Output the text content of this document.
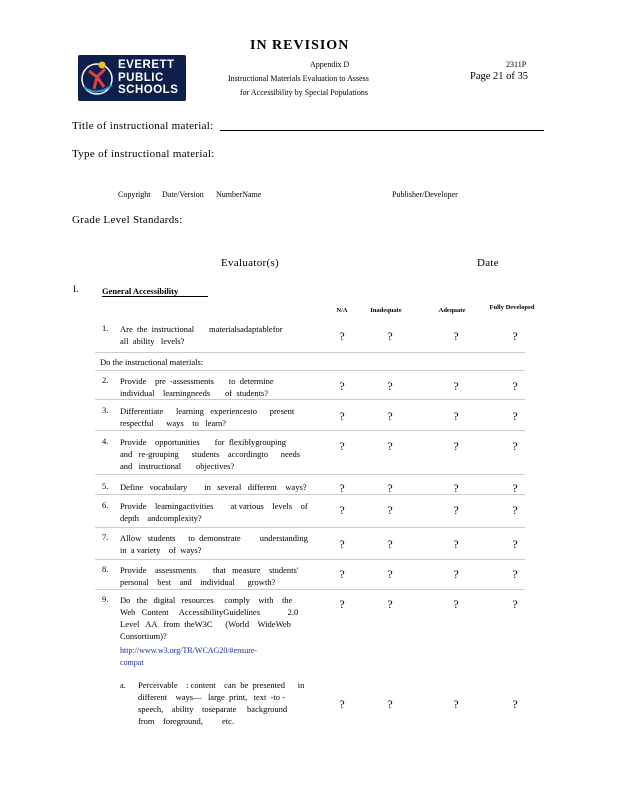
IN REVISION
EVERETT
PUBLIC
SCHOOLS
Appendix D	2311P
Instructional Materials Evaluation to Assess	Page 21 of 35
for Accessibility by Special Populations
Title of instructional material:
Type of instructional material:
Copyright Date/Version NumberName	Publisher/Developer
Grade Level Standards:
Evaluator(s)	Date
I.	General Accessibility
N/A	Inadequate	Adequate	Fully Developed
Do the instructional materials:
1. Are  the  instructional       materialsadaptablefor
all  ability   levels?	?	?	?	?
2. Provide    pre  -assessments       to  determine
individual    learningneeds       of  students?	?	?	?	?
3. Differentiate      learning   experiencesto      present
respectful      ways    to   learn?	?	?	?	?
4. Provide    opportunities       for  flexiblygrouping
and   re-grouping      students    accordingto      needs
and   instructional       objectives?
?	?	?	?
5. Define   vocabulary        in   several   different    ways?	?	?	?	?
6. Provide    learningactivities        at various    levels    of
depth    andcomplexity?
?	?	?	?
7. Allow   students      to  demonstrate         understanding
in  a variety    of  ways?	?	?	?	?
8. Provide    assessments        that   measure    students'
personal    best    and    individual      growth?
?	?	?	?
9. Do   the   digital   resources     comply    with    the
Web   Content     AccessibilityGuidelines             2.0
Level   AA   from  theW3C      (World    WideWeb
Consortium)?
?	?	?	?
http://www.w3.org/TR/WCAG20/#ensure-
compat
a. Perceivable    : content    can  be  presented      in
different    ways—   large  print,   text  -to -
speech,    ability    toseparate     background
from    foreground,         etc.
?	?	?	?
